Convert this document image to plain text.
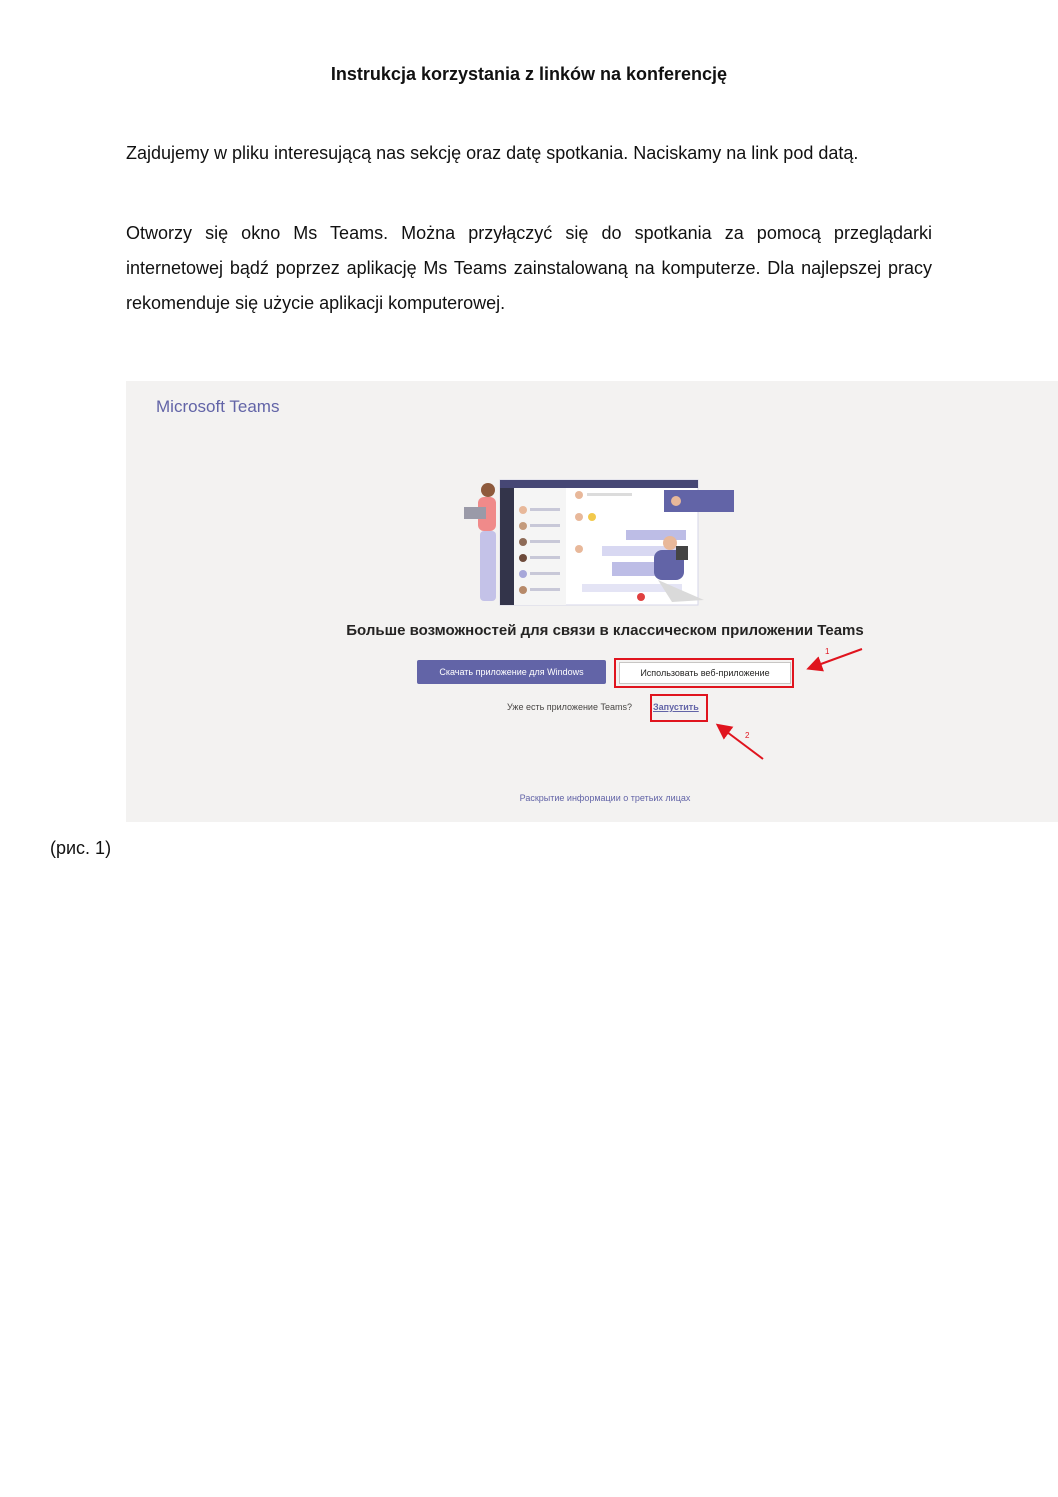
Instrukcja korzystania z linków na konferencję

Zajdujemy w pliku interesującą nas sekcję oraz datę spotkania. Naciskamy na link pod datą.

Otworzy się okno Ms Teams. Można przyłączyć się do spotkania za pomocą przeglądarki internetowej bądź poprzez aplikację Ms Teams zainstalowaną na komputerze. Dla najlepszej pracy rekomenduje się użycie aplikacji komputerowej.

Microsoft Teams
Больше возможностей для связи в классическом приложении Teams
Скачать приложение для Windows	Использовать веб-приложение
Уже есть приложение Teams? Запустить
1
2
Раскрытие информации о третьих лицах

(рис. 1)
